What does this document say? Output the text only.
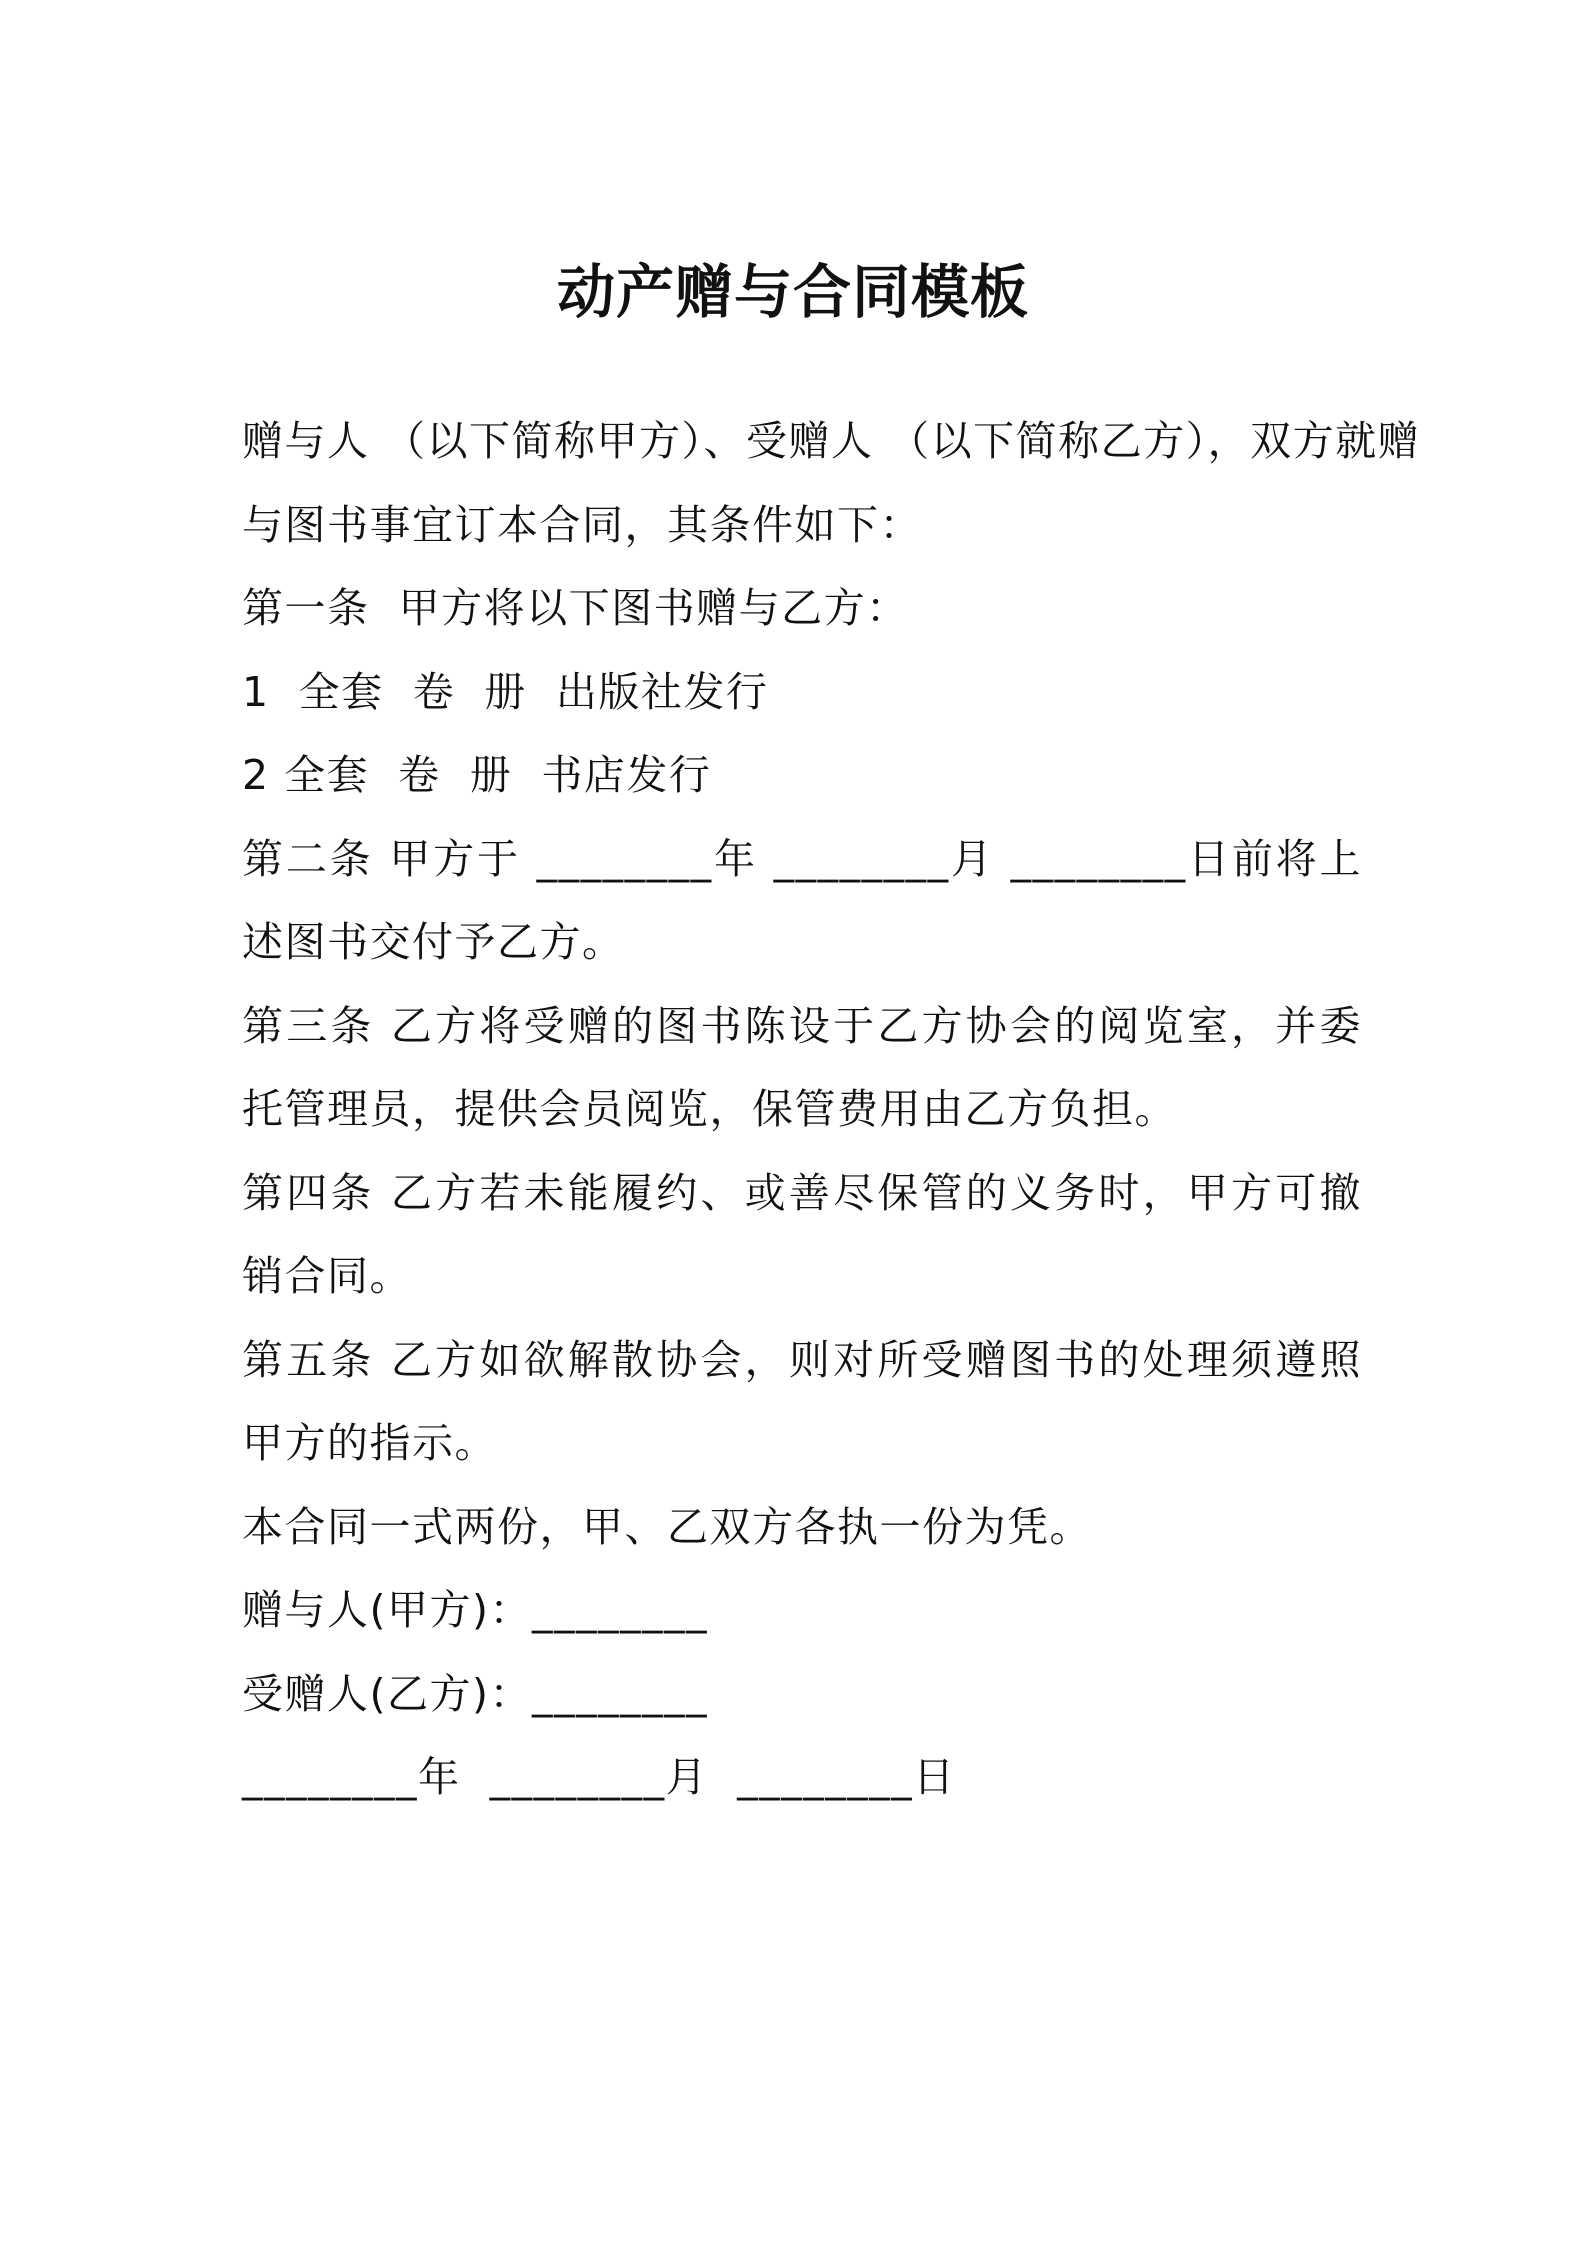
动产赠与合同模板
赠与人 （以下简称甲方）、受赠人 （以下简称乙方），双方就赠
与图书事宜订本合同，其条件如下：
第一条  甲方将以下图书赠与乙方：
1  全套  卷  册  出版社发行
2 全套  卷  册  书店发行
第二条 甲方于 ________年 ________月 ________日前将上
述图书交付予乙方。
第三条 乙方将受赠的图书陈设于乙方协会的阅览室，并委
托管理员，提供会员阅览，保管费用由乙方负担。
第四条 乙方若未能履约、或善尽保管的义务时，甲方可撤
销合同。
第五条 乙方如欲解散协会，则对所受赠图书的处理须遵照
甲方的指示。
本合同一式两份，甲、乙双方各执一份为凭。
赠与人(甲方)：________
受赠人(乙方)：________
________年  ________月  ________日
